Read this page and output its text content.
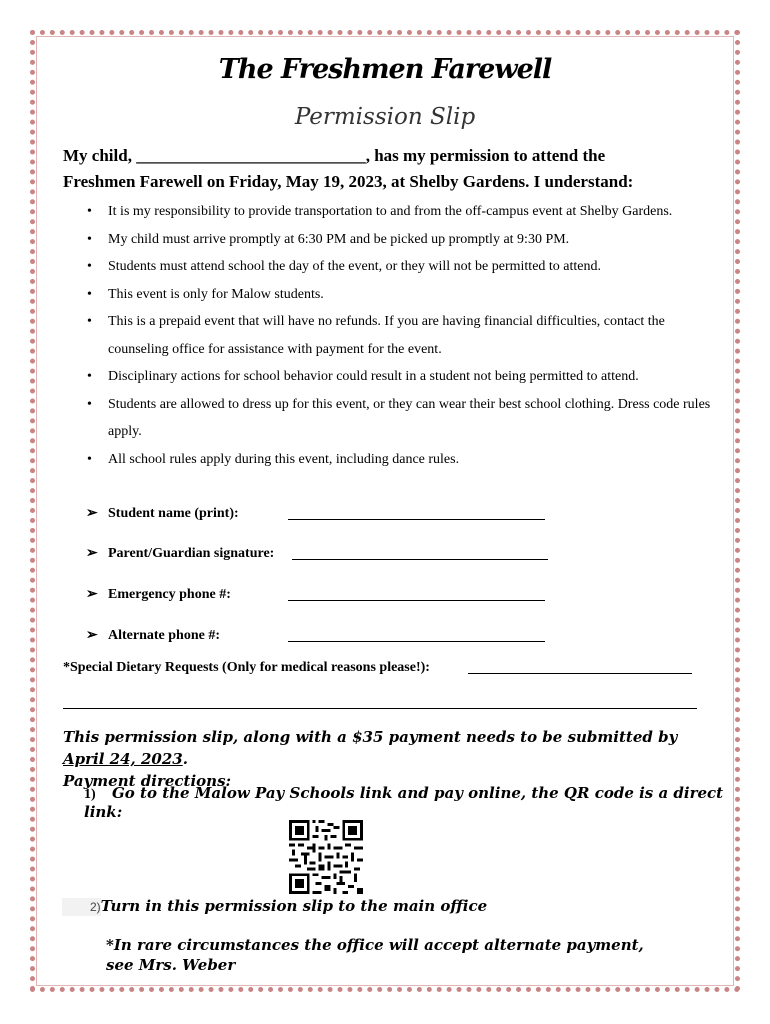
The Freshmen Farewell
Permission Slip
My child, ___________________________, has my permission to attend the
Freshmen Farewell on Friday, May 19, 2023, at Shelby Gardens. I understand:
• It is my responsibility to provide transportation to and from the off-campus event at Shelby Gardens.
• My child must arrive promptly at 6:30 PM and be picked up promptly at 9:30 PM.
• Students must attend school the day of the event, or they will not be permitted to attend.
• This event is only for Malow students.
• This is a prepaid event that will have no refunds. If you are having financial difficulties, contact the counseling office for assistance with payment for the event.
• Disciplinary actions for school behavior could result in a student not being permitted to attend.
• Students are allowed to dress up for this event, or they can wear their best school clothing. Dress code rules apply.
• All school rules apply during this event, including dance rules.
➢ Student name (print):
➢ Parent/Guardian signature:
➢ Emergency phone #:
➢ Alternate phone #:
*Special Dietary Requests (Only for medical reasons please!):
This permission slip, along with a $35 payment needs to be submitted by April 24, 2023.
Payment directions:
1) Go to the Malow Pay Schools link and pay online, the QR code is a direct link:
2)Turn in this permission slip to the main office
*In rare circumstances the office will accept alternate payment, see Mrs. Weber
